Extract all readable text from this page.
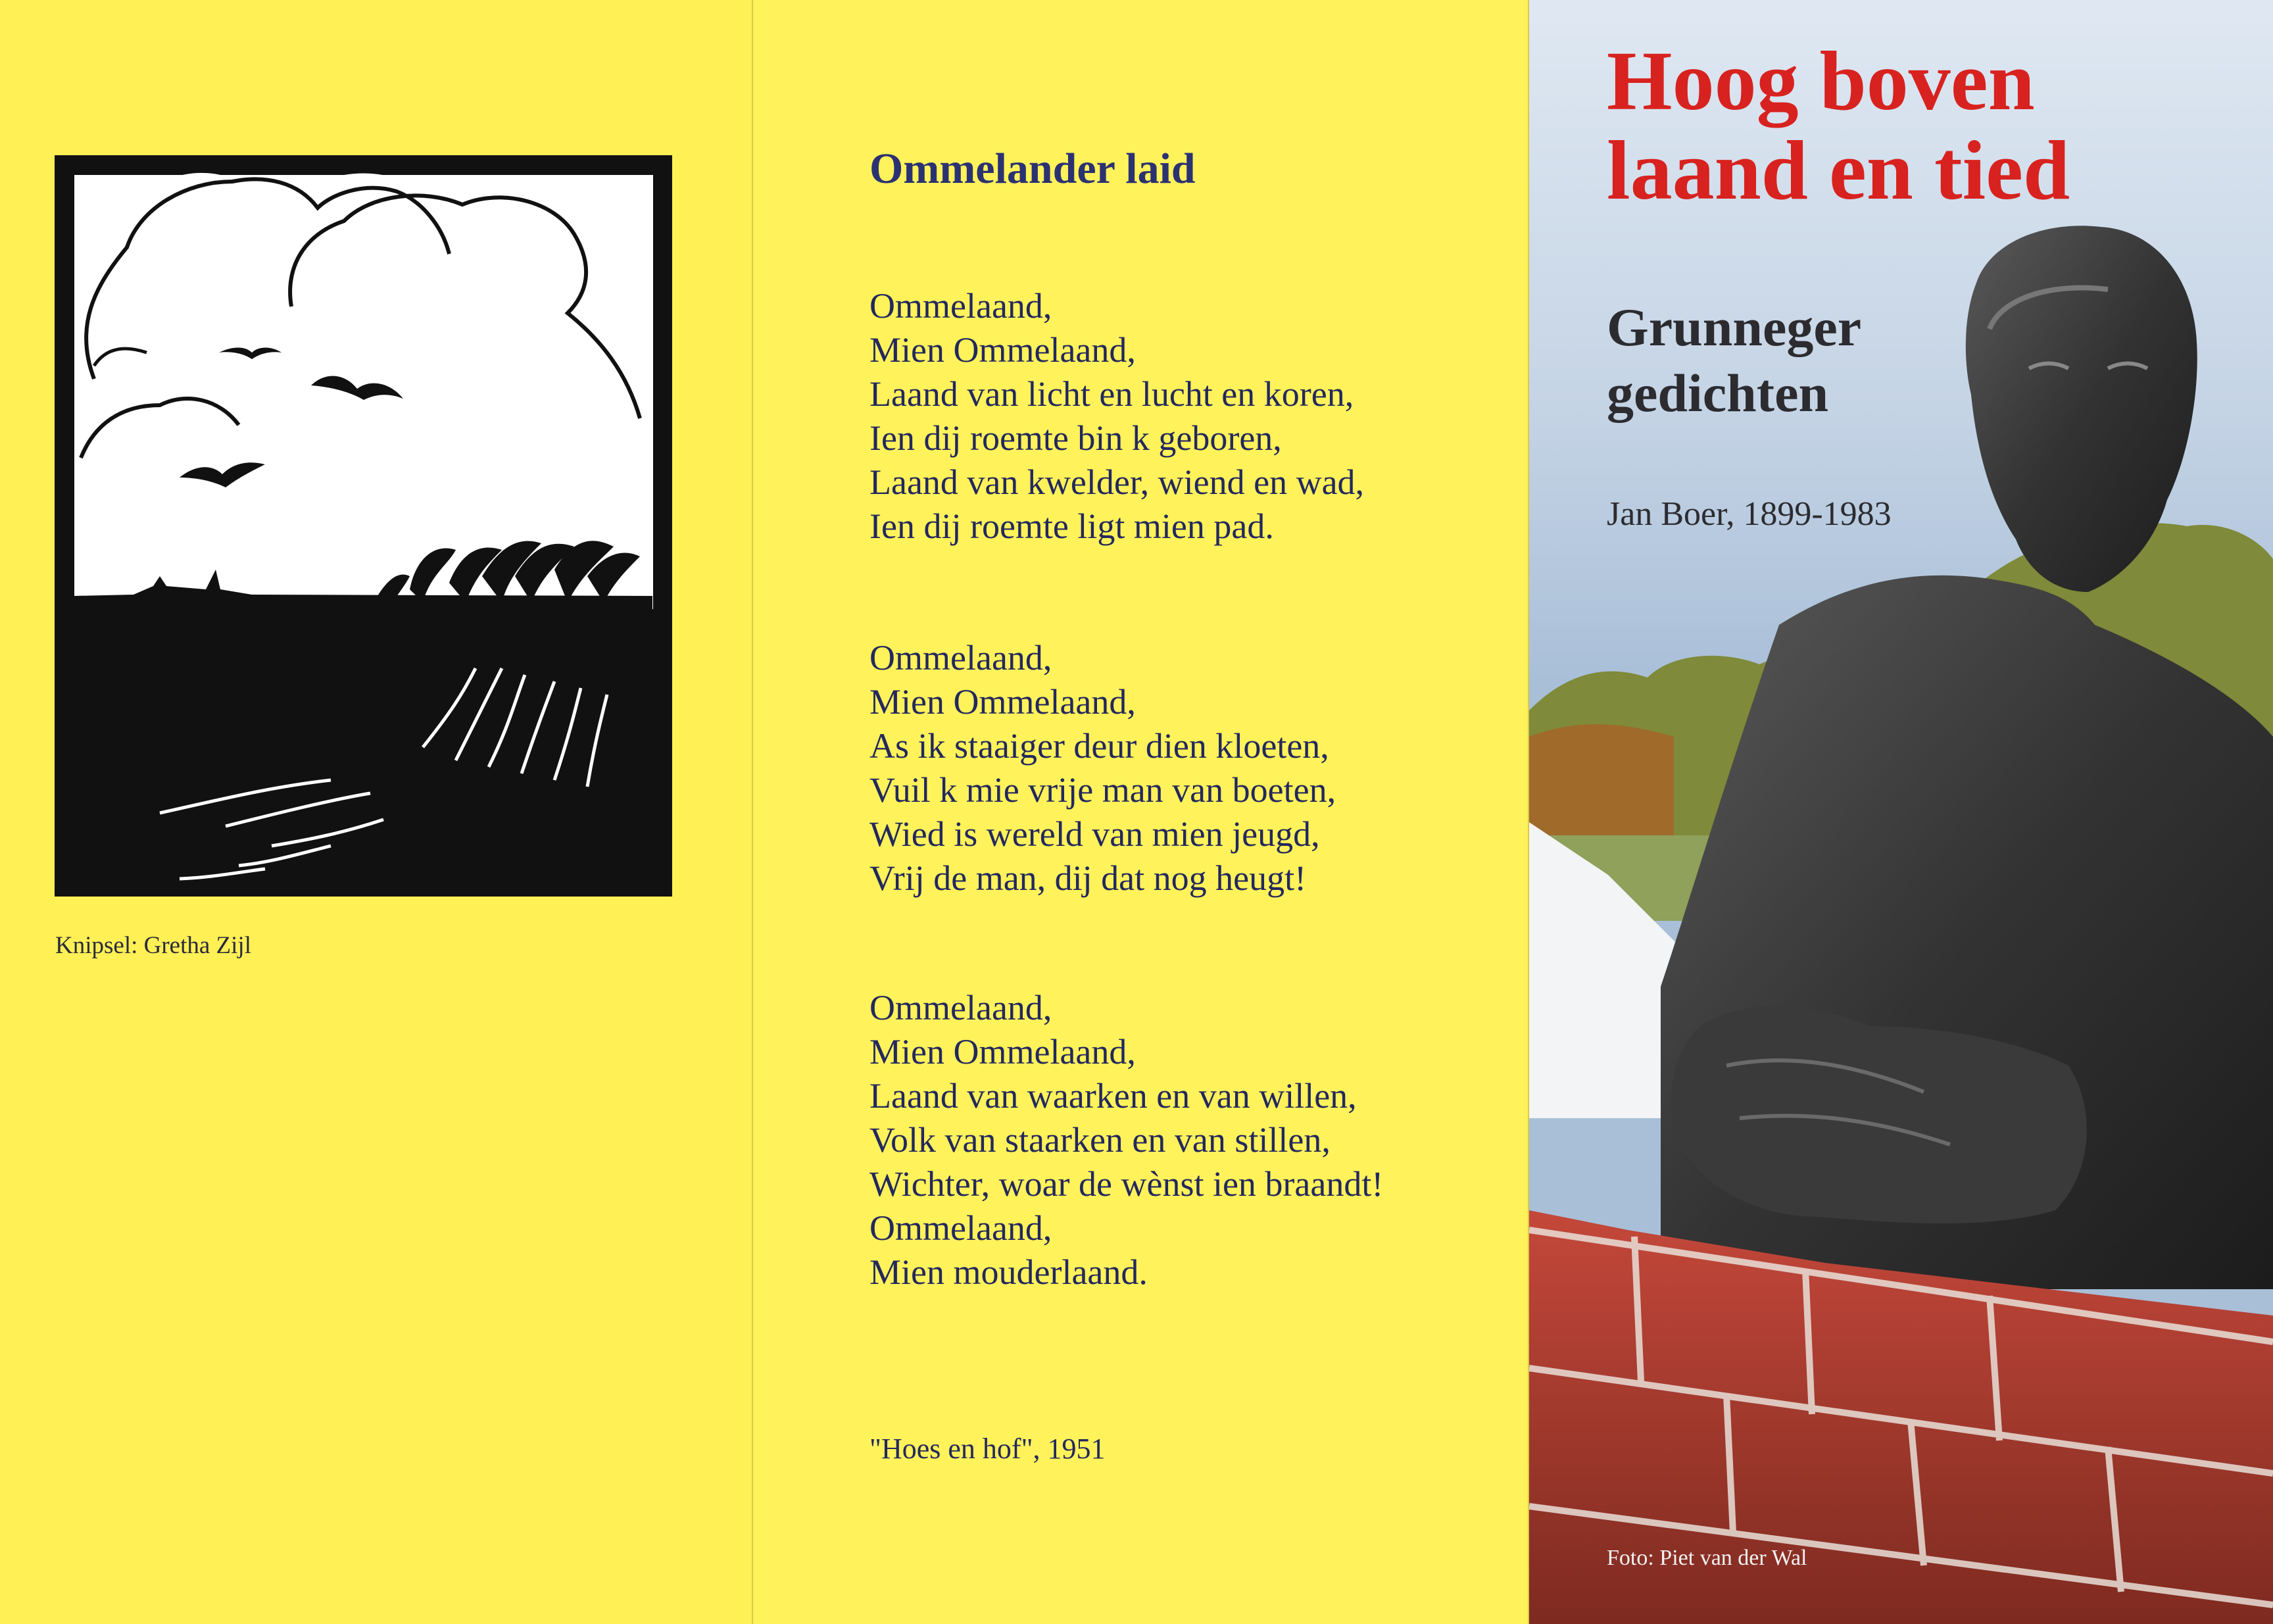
Knipsel: Gretha Zijl

Ommelander laid
Ommelaand,
Mien Ommelaand,
Laand van licht en lucht en koren,
Ien dij roemte bin k geboren,
Laand van kwelder, wiend en wad,
Ien dij roemte ligt mien pad.
Ommelaand,
Mien Ommelaand,
As ik staaiger deur dien kloeten,
Vuil k mie vrije man van boeten,
Wied is wereld van mien jeugd,
Vrij de man, dij dat nog heugt!
Ommelaand,
Mien Ommelaand,
Laand van waarken en van willen,
Volk van staarken en van stillen,
Wichter, woar de wènst ien braandt!
Ommelaand,
Mien mouderlaand.

"Hoes en hof", 1951

Hoog boven
laand en tied
Grunneger
gedichten

Jan Boer, 1899-1983

Foto: Piet van der Wal
